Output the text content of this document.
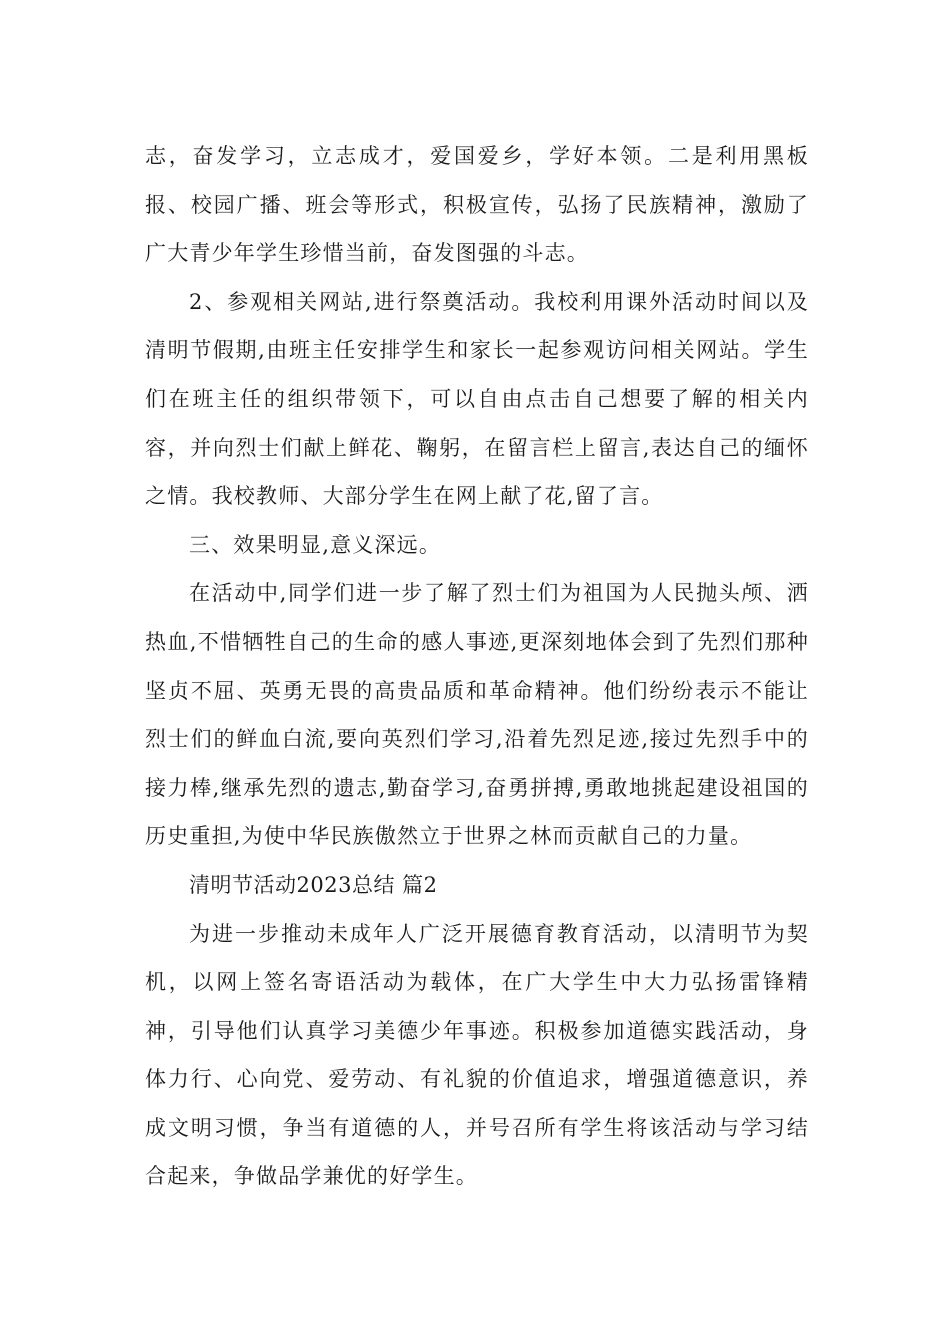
志，奋发学习，立志成才，爱国爱乡，学好本领。二是利用黑板报、校园广播、班会等形式，积极宣传，弘扬了民族精神，激励了广大青少年学生珍惜当前，奋发图强的斗志。

2、参观相关网站,进行祭奠活动。我校利用课外活动时间以及清明节假期,由班主任安排学生和家长一起参观访问相关网站。学生们在班主任的组织带领下，可以自由点击自己想要了解的相关内容，并向烈士们献上鲜花、鞠躬，在留言栏上留言,表达自己的缅怀之情。我校教师、大部分学生在网上献了花,留了言。

三、效果明显,意义深远。

在活动中,同学们进一步了解了烈士们为祖国为人民抛头颅、洒热血,不惜牺牲自己的生命的感人事迹,更深刻地体会到了先烈们那种坚贞不屈、英勇无畏的高贵品质和革命精神。他们纷纷表示不能让烈士们的鲜血白流,要向英烈们学习,沿着先烈足迹,接过先烈手中的接力棒,继承先烈的遗志,勤奋学习,奋勇拼搏,勇敢地挑起建设祖国的历史重担,为使中华民族傲然立于世界之林而贡献自己的力量。

清明节活动2023总结 篇2

为进一步推动未成年人广泛开展德育教育活动，以清明节为契机，以网上签名寄语活动为载体，在广大学生中大力弘扬雷锋精神，引导他们认真学习美德少年事迹。积极参加道德实践活动，身体力行、心向党、爱劳动、有礼貌的价值追求，增强道德意识，养成文明习惯，争当有道德的人，并号召所有学生将该活动与学习结合起来，争做品学兼优的好学生。
